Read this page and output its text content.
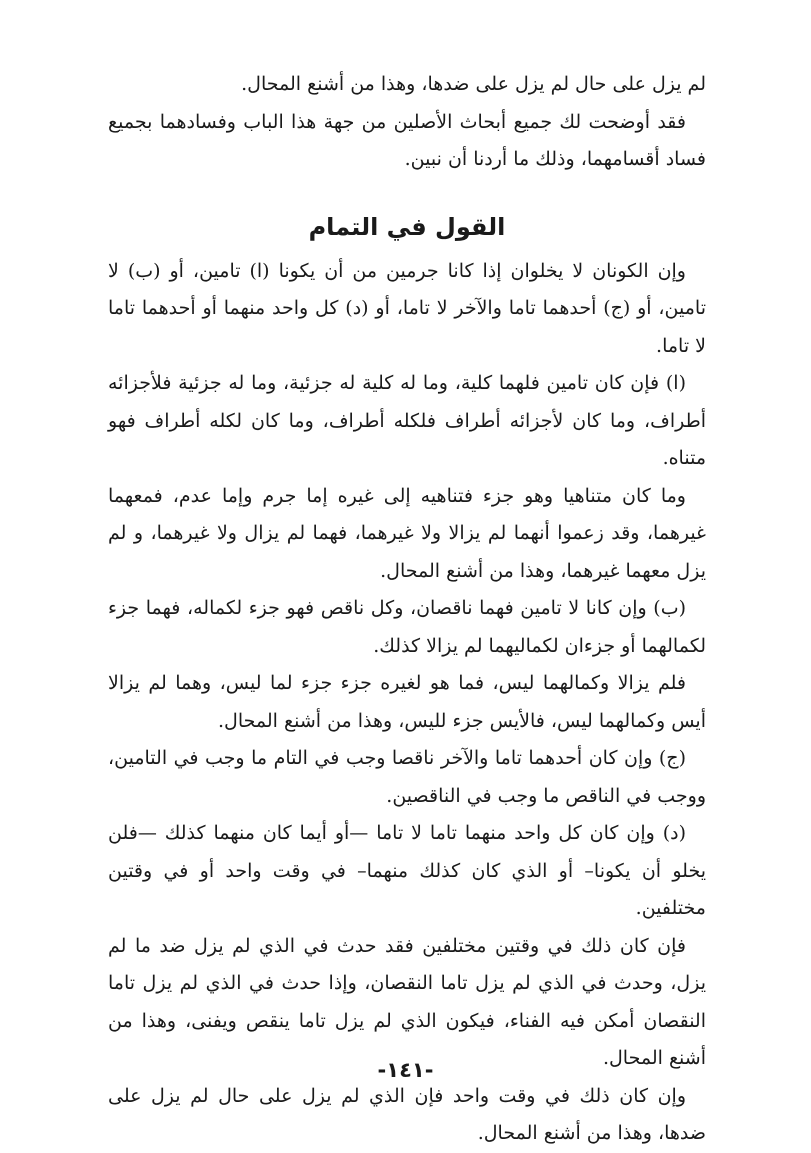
لم يزل على حال لم يزل على ضدها، وهذا من أشنع المحال.

فقد أوضحت لك جميع أبحاث الأصلين من جهة هذا الباب وفسادهما بجميع فساد أقسامهما، وذلك ما أردنا أن نبين.

القول في التمام

وإن الكونان لا يخلوان إذا كانا جرمين من أن يكونا (ا) تامين، أو (ب) لا تامين، أو (ج) أحدهما تاما والآخر لا تاما، أو (د) كل واحد منهما أو أحدهما تاما لا تاما.

(ا) فإن كان تامين فلهما كلية، وما له كلية له جزئية، وما له جزئية فلأجزائه أطراف، وما كان لأجزائه أطراف فلكله أطراف، وما كان لكله أطراف فهو متناه.

وما كان متناهيا وهو جزء فتناهيه إلى غيره إما جرم وإما عدم، فمعهما غيرهما، وقد زعموا أنهما لم يزالا ولا غيرهما، فهما لم يزال ولا غيرهما، و لم يزل معهما غيرهما، وهذا من أشنع المحال.

(ب) وإن كانا لا تامين فهما ناقصان، وكل ناقص فهو جزء لكماله، فهما جزء لكمالهما أو جزءان لكماليهما لم يزالا كذلك.

فلم يزالا وكمالهما ليس، فما هو لغيره جزء جزء لما ليس، وهما لم يزالا أيس وكمالهما ليس، فالأيس جزء لليس، وهذا من أشنع المحال.

(ج) وإن كان أحدهما تاما والآخر ناقصا وجب في التام ما وجب في التامين، ووجب في الناقص ما وجب في الناقصين.

(د) وإن كان كل واحد منهما تاما لا تاما —أو أيما كان منهما كذلك —فلن يخلو أن يكونا– أو الذي كان كذلك منهما– في وقت واحد أو في وقتين مختلفين.

فإن كان ذلك في وقتين مختلفين فقد حدث في الذي لم يزل ضد ما لم يزل، وحدث في الذي لم يزل تاما النقصان، وإذا حدث في الذي لم يزل تاما النقصان أمكن فيه الفناء، فيكون الذي لم يزل تاما ينقص ويفنى، وهذا من أشنع المحال.

وإن كان ذلك في وقت واحد فإن الذي لم يزل على حال لم يزل على ضدها، وهذا من أشنع المحال.

-١٤١-
